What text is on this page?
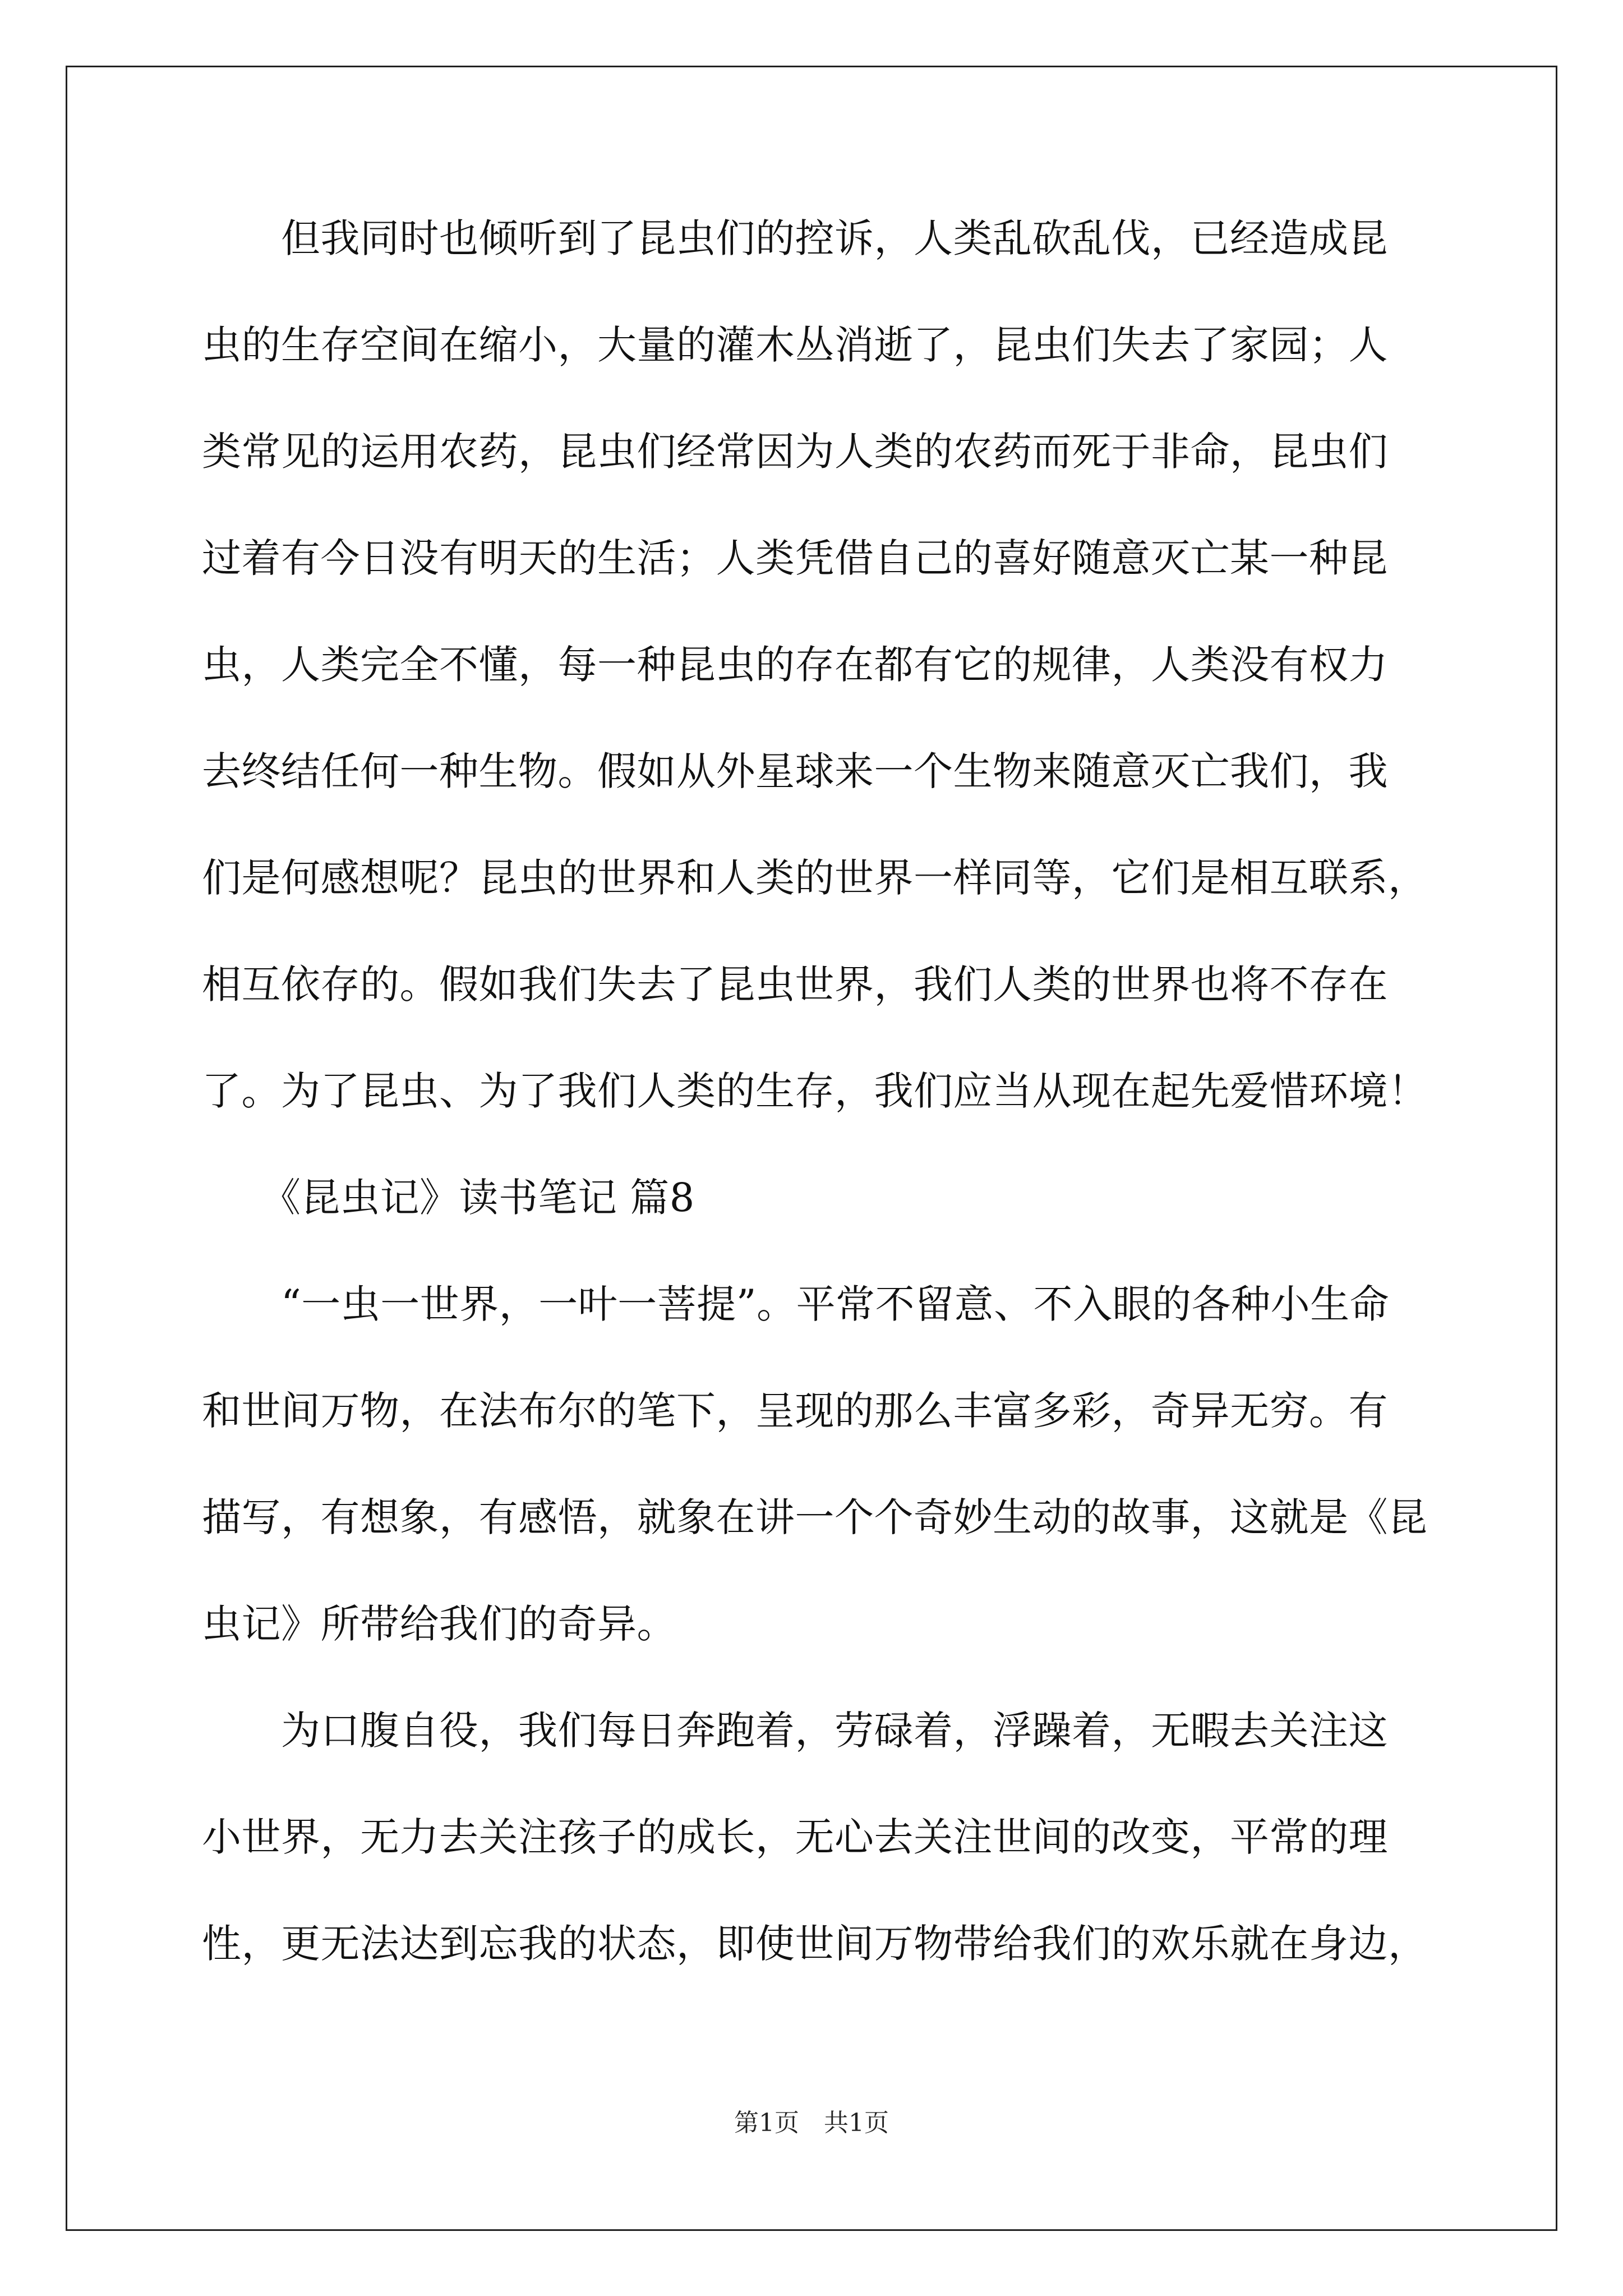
　　但我同时也倾听到了昆虫们的控诉，人类乱砍乱伐，已经造成昆
虫的生存空间在缩小，大量的灌木丛消逝了，昆虫们失去了家园；人
类常见的运用农药，昆虫们经常因为人类的农药而死于非命，昆虫们
过着有今日没有明天的生活；人类凭借自己的喜好随意灭亡某一种昆
虫，人类完全不懂，每一种昆虫的存在都有它的规律，人类没有权力
去终结任何一种生物。假如从外星球来一个生物来随意灭亡我们，我
们是何感想呢？昆虫的世界和人类的世界一样同等，它们是相互联系，
相互依存的。假如我们失去了昆虫世界，我们人类的世界也将不存在
了。为了昆虫、为了我们人类的生存，我们应当从现在起先爱惜环境！
　　《昆虫记》读书笔记 篇8
　　“一虫一世界，一叶一菩提”。平常不留意、不入眼的各种小生命
和世间万物，在法布尔的笔下，呈现的那么丰富多彩，奇异无穷。有
描写，有想象，有感悟，就象在讲一个个奇妙生动的故事，这就是《昆
虫记》所带给我们的奇异。
　　为口腹自役，我们每日奔跑着，劳碌着，浮躁着，无暇去关注这
小世界，无力去关注孩子的成长，无心去关注世间的改变，平常的理
性，更无法达到忘我的状态，即使世间万物带给我们的欢乐就在身边，
第1页　共1页
